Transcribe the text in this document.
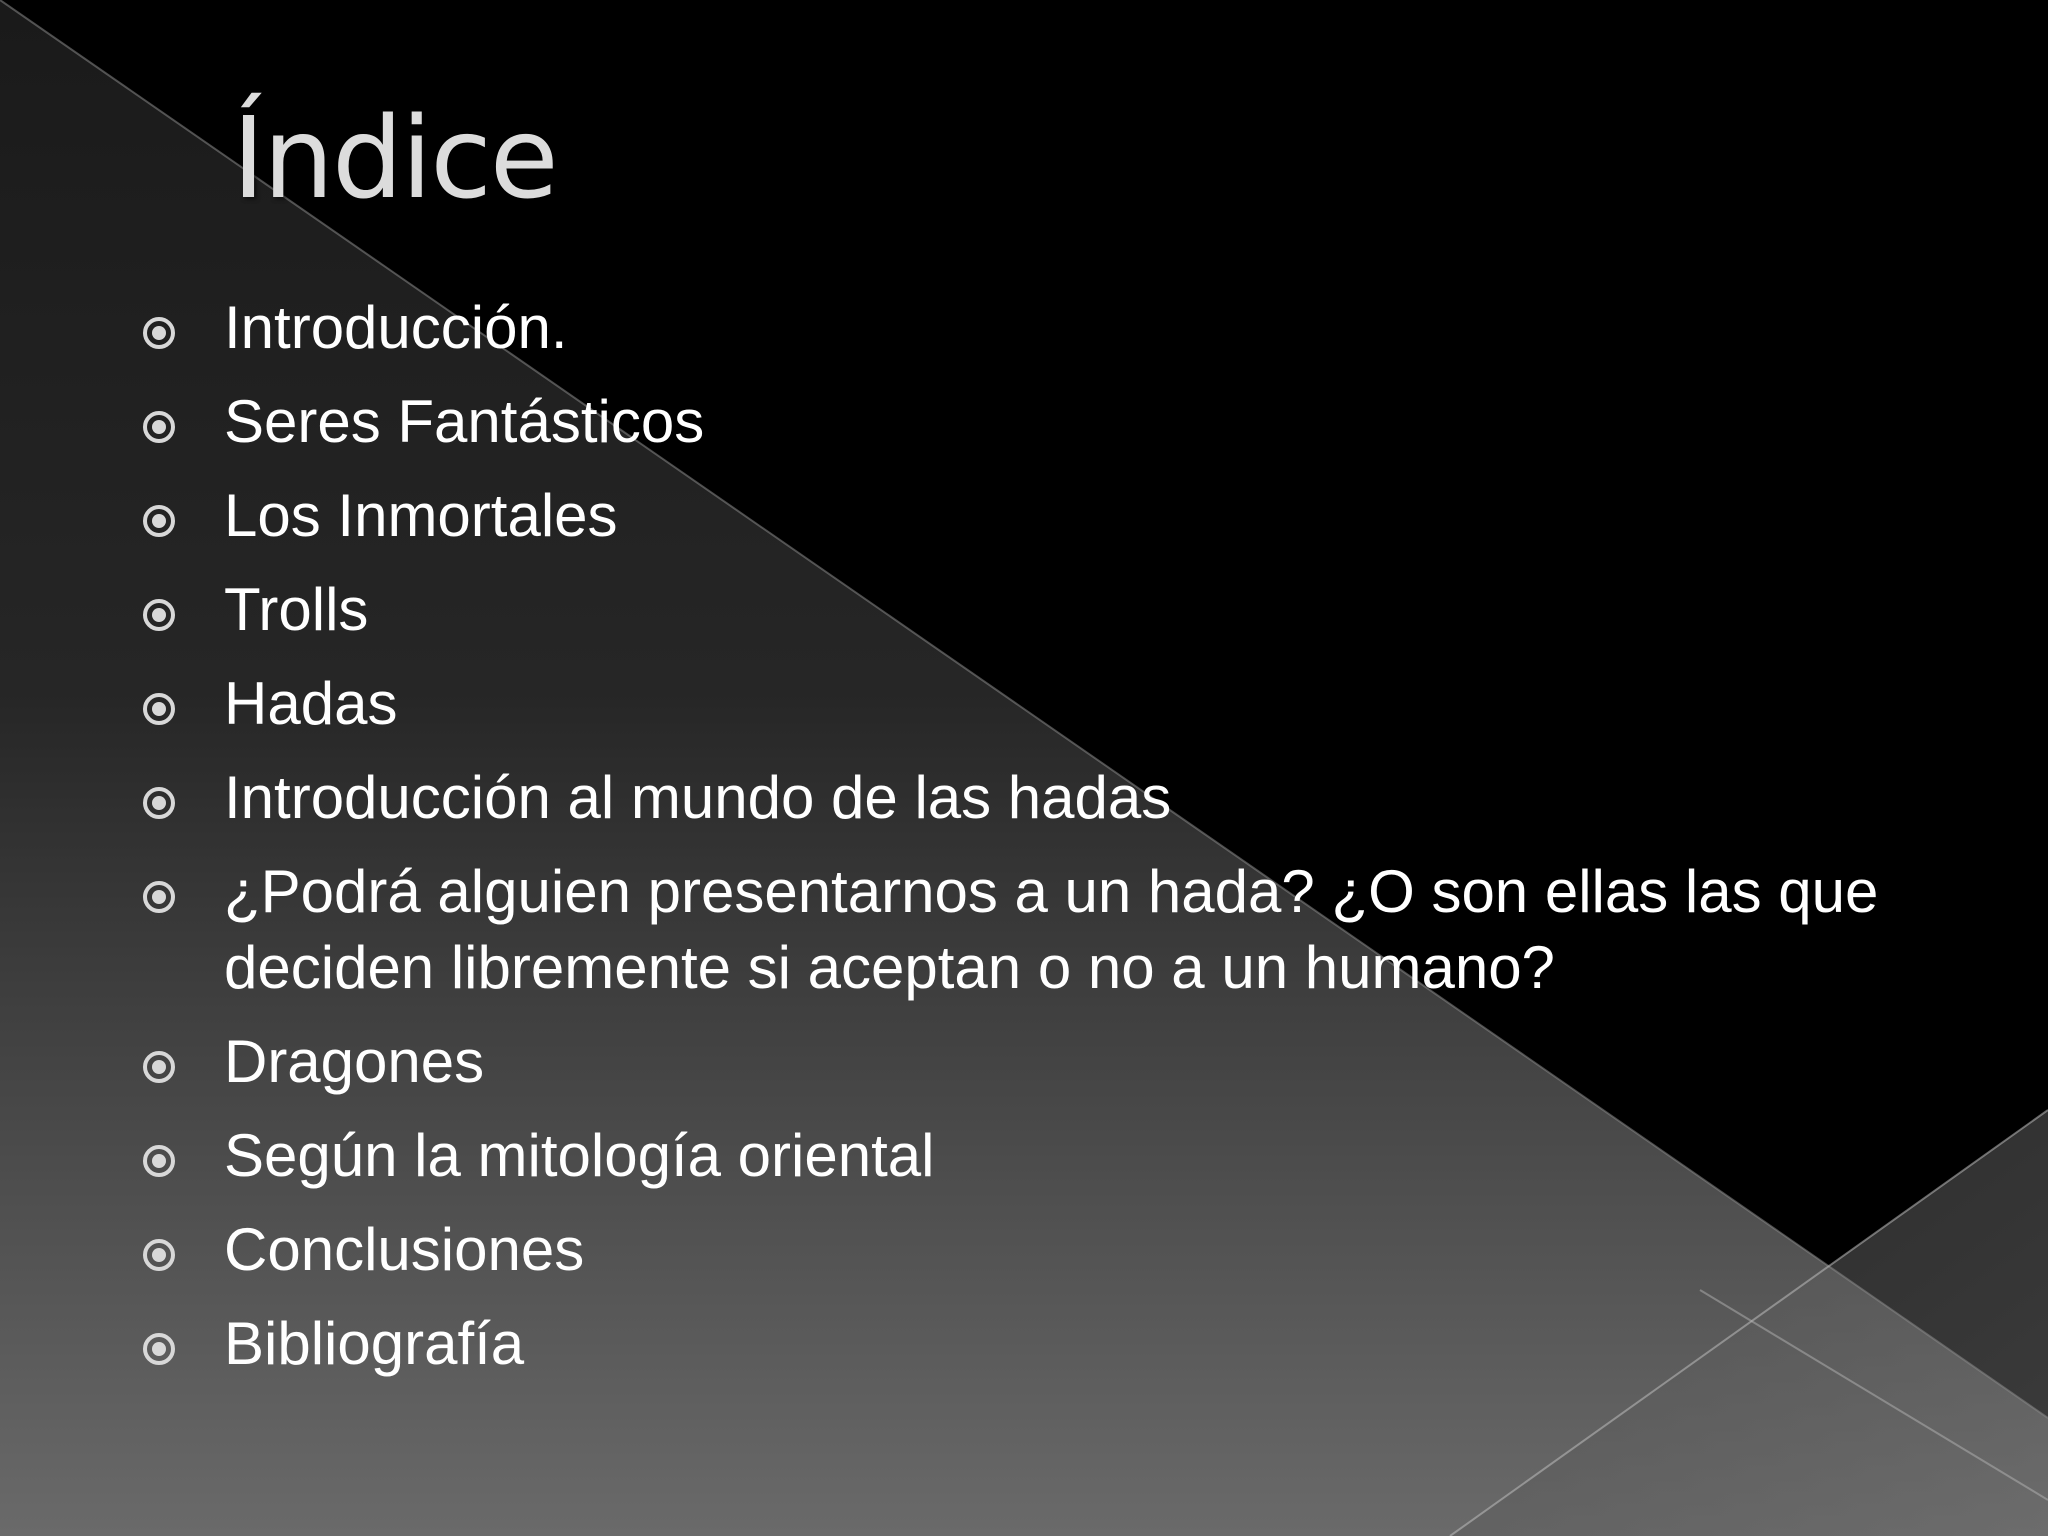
Índice
Introducción.
Seres Fantásticos
Los Inmortales
Trolls
Hadas
Introducción al mundo de las hadas
¿Podrá alguien presentarnos a un hada? ¿O son ellas las que deciden libremente si aceptan o no a un humano?
Dragones
Según la mitología oriental
Conclusiones
Bibliografía
